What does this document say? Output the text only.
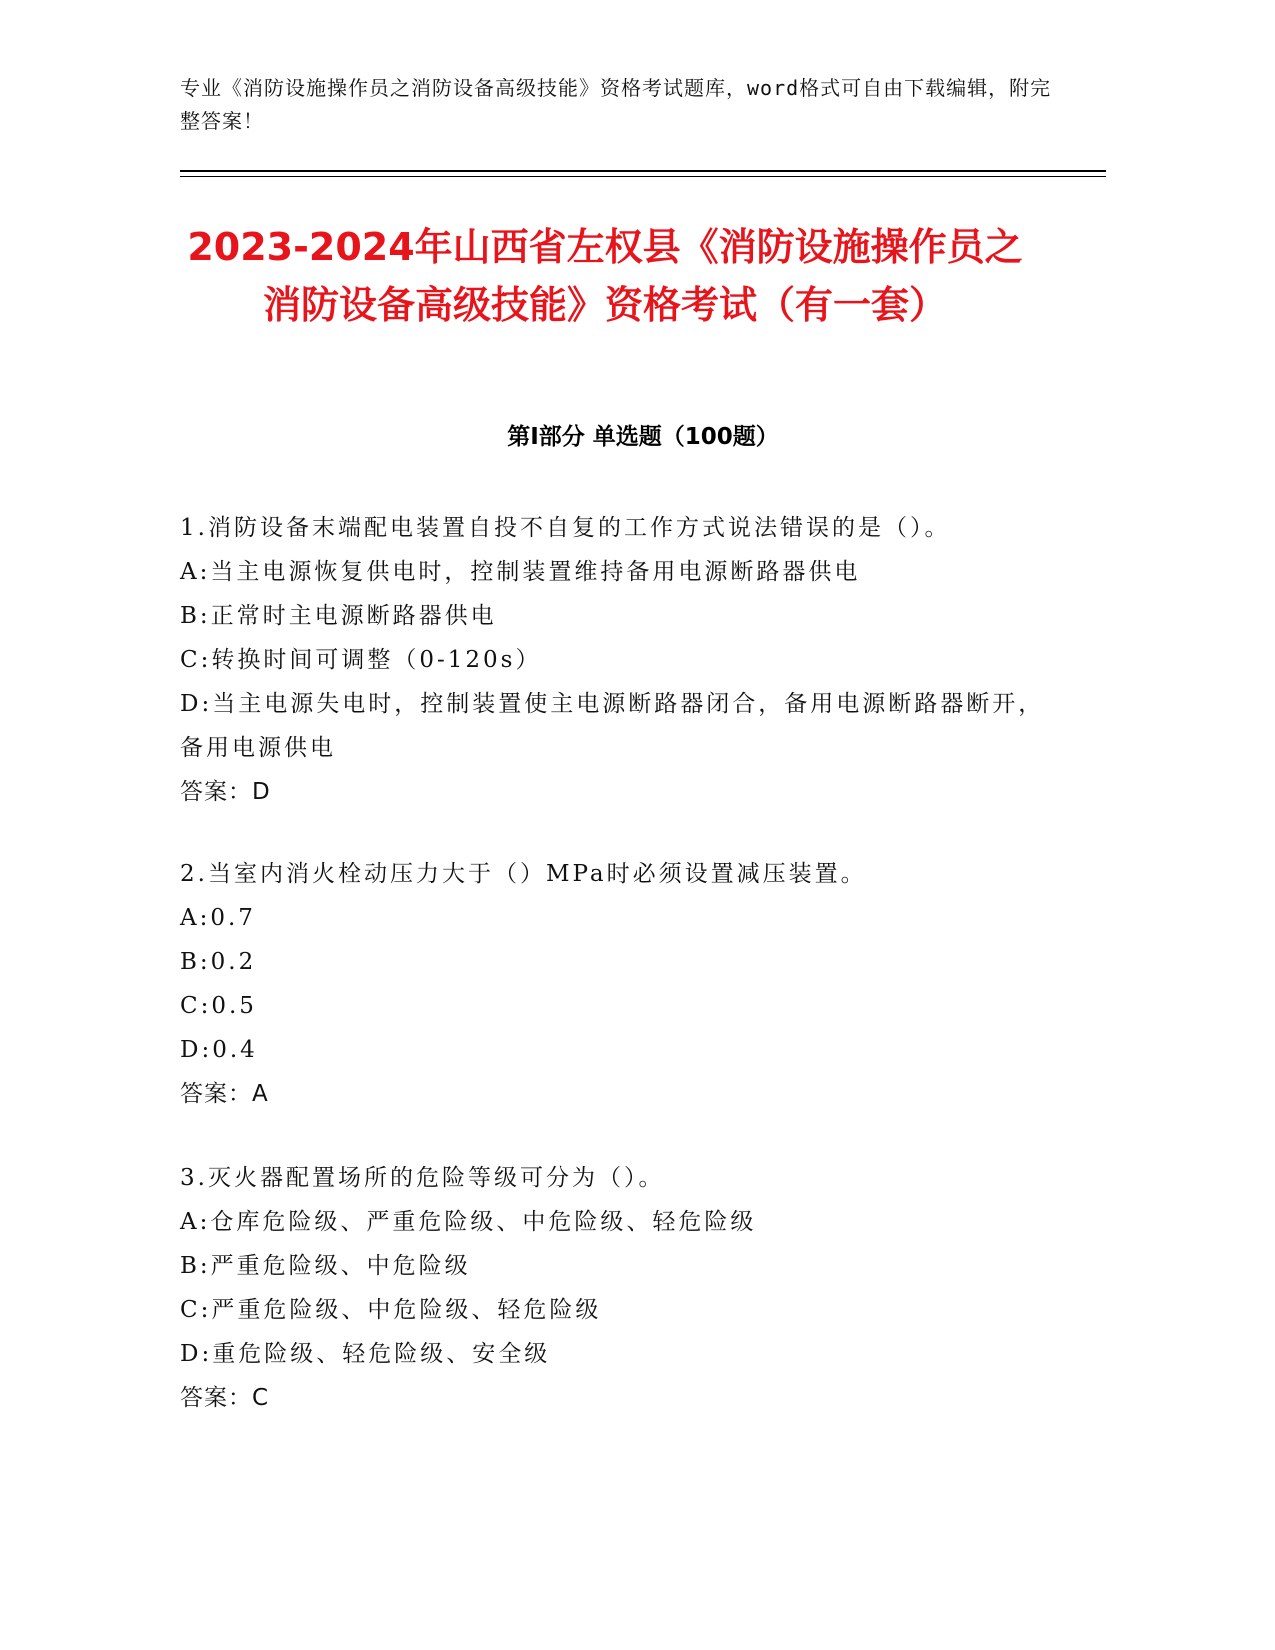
专业《消防设施操作员之消防设备高级技能》资格考试题库，word格式可自由下载编辑，附完整答案！
2023-2024年山西省左权县《消防设施操作员之消防设备高级技能》资格考试（有一套）
第Ⅰ部分 单选题（100题）

1.消防设备末端配电装置自投不自复的工作方式说法错误的是（）。

A:当主电源恢复供电时，控制装置维持备用电源断路器供电

B:正常时主电源断路器供电

C:转换时间可调整（0-120s）

D:当主电源失电时，控制装置使主电源断路器闭合，备用电源断路器断开，备用电源供电

答案：D

2.当室内消火栓动压力大于（）MPa时必须设置减压装置。

A:0.7

B:0.2

C:0.5

D:0.4

答案：A

3.灭火器配置场所的危险等级可分为（）。

A:仓库危险级、严重危险级、中危险级、轻危险级

B:严重危险级、中危险级

C:严重危险级、中危险级、轻危险级

D:重危险级、轻危险级、安全级

答案：C
